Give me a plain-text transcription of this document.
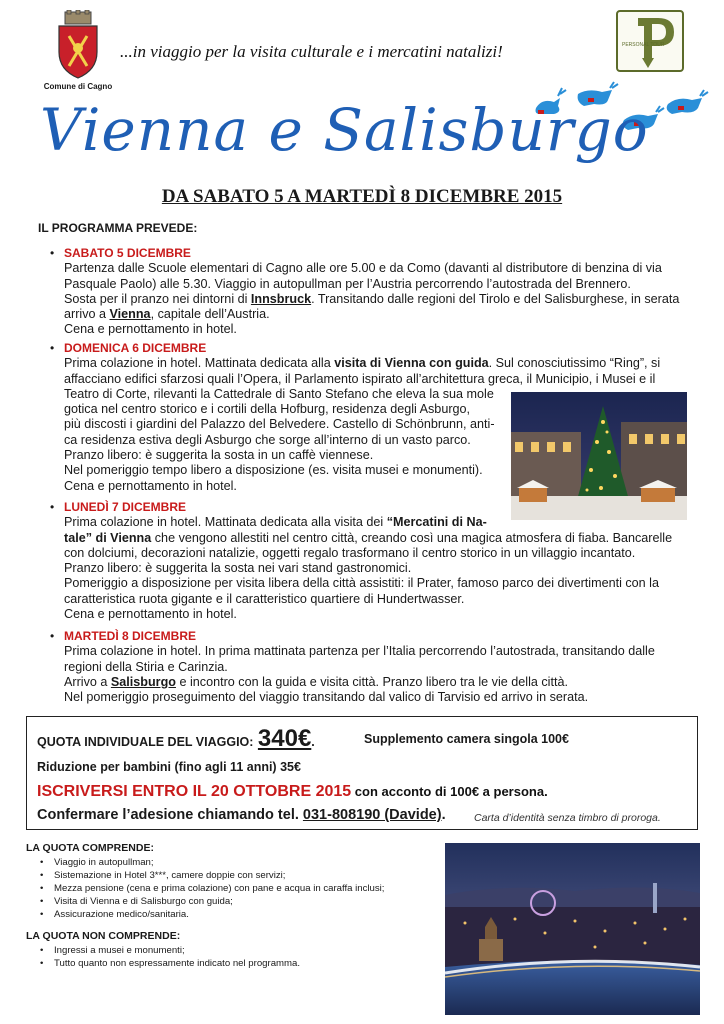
Comune di Cagno
...in viaggio per la visita culturale e i mercatini natalizi!	PERSONAL TOUR
Vienna e Salisburgo
DA SABATO 5 A MARTEDÌ 8 DICEMBRE 2015
IL PROGRAMMA PREVEDE:
• SABATO 5 DICEMBRE

Partenza dalle Scuole elementari di Cagno alle ore 5.00 e da Como (davanti al distributore di benzina di via

Pasquale Paolo) alle 5.30. Viaggio in autopullman per l’Austria percorrendo l’autostrada del Brennero.

Sosta per il pranzo nei dintorni di Innsbruck. Transitando dalle regioni del Tirolo e del Salisburghese, in serata

arrivo a Vienna, capitale dell’Austria.

Cena e pernottamento in hotel.

• DOMENICA 6 DICEMBRE

Prima colazione in hotel. Mattinata dedicata alla visita di Vienna con guida. Sul conosciutissimo “Ring”, si

affacciano edifici sfarzosi quali l’Opera, il Parlamento ispirato all’architettura greca, il Municipio, i Musei e il

Teatro di Corte, rilevanti la Cattedrale di Santo Stefano che eleva la sua mole

gotica nel centro storico e i cortili della Hofburg, residenza degli Asburgo,

più discosti i giardini del Palazzo del Belvedere. Castello di Schönbrunn, anti-

ca residenza estiva degli Asburgo che sorge all’interno di un vasto parco.

Pranzo libero: è suggerita la sosta in un caffè viennese.

Nel pomeriggio tempo libero a disposizione (es. visita musei e monumenti).

Cena e pernottamento in hotel.

• LUNEDÌ 7 DICEMBRE

Prima colazione in hotel. Mattinata dedicata alla visita dei “Mercatini di Na-

tale” di Vienna che vengono allestiti nel centro città, creando così una magica atmosfera di fiaba. Bancarelle

con dolciumi, decorazioni natalizie, oggetti regalo trasformano il centro storico in un villaggio incantato.

Pranzo libero: è suggerita la sosta nei vari stand gastronomici.

Pomeriggio a disposizione per visita libera della città assistiti: il Prater, famoso parco dei divertimenti con la

caratteristica ruota gigante e il caratteristico quartiere di Hundertwasser.

Cena e pernottamento in hotel.

• MARTEDÌ 8 DICEMBRE

Prima colazione in hotel. In prima mattinata partenza per l’Italia percorrendo l’autostrada, transitando dalle

regioni della Stiria e Carinzia.

Arrivo a Salisburgo e incontro con la guida e visita città. Pranzo libero tra le vie della città.

Nel pomeriggio proseguimento del viaggio transitando dal valico di Tarvisio ed arrivo in serata.

QUOTA INDIVIDUALE DEL VIAGGIO: 340€.	Supplemento camera singola 100€
Riduzione per bambini (fino agli 11 anni) 35€
ISCRIVERSI ENTRO IL 20 OTTOBRE 2015 con acconto di 100€ a persona.
Confermare l’adesione chiamando tel. 031-808190 (Davide).	Carta d’identità senza timbro di proroga.
LA QUOTA COMPRENDE:
• Viaggio in autopullman;
• Sistemazione in Hotel 3***, camere doppie con servizi;
• Mezza pensione (cena e prima colazione) con pane e acqua in caraffa inclusi;
• Visita di Vienna e di Salisburgo con guida;
• Assicurazione medico/sanitaria.
LA QUOTA NON COMPRENDE:
• Ingressi a musei e monumenti;
• Tutto quanto non espressamente indicato nel programma.
